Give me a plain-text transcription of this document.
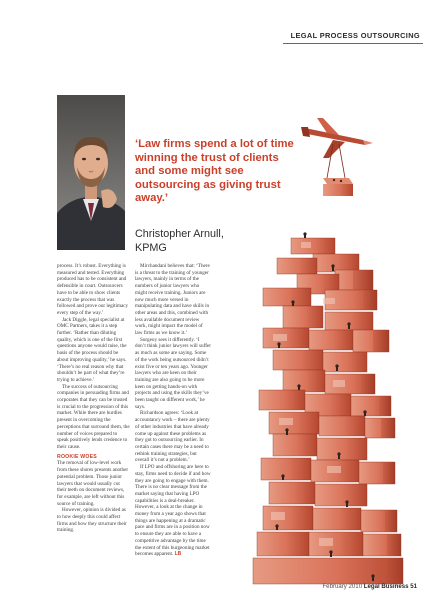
LEGAL PROCESS OUTSOURCING
‘Law firms spend a lot of time winning the trust of clients and some might see outsourcing as giving trust away.’
Christopher Arnull,
KPMG

process. It’s robust. Everything is measured and tested. Everything produced has to be consistent and defensible in court. Outsourcers have to be able to show clients exactly the process that was followed and prove our legitimacy every step of the way.’

Jack Diggle, legal specialist at OMC Partners, takes it a step further. ‘Rather than diluting quality, which is one of the first questions anyone would raise, the basis of the process should be about improving quality,’ he says. ‘There’s no real reason why that shouldn’t be part of what they’re trying to achieve.’

The success of outsourcing companies in persuading firms and corporates that they can be trusted is crucial to the progression of this market. While there are hurdles present in overcoming the perceptions that surround them, the number of voices prepared to speak positively lends credence to their cause.

ROOKIE WOES

The removal of low-level work from these shores presents another potential problem. Those junior lawyers that would usually cut their teeth on document reviews, for example, are left without this source of training.

However, opinion is divided as to how deeply this could affect firms and how they structure their training.

Mirchandani believes that: ‘There is a threat to the training of younger lawyers, mainly in terms of the numbers of junior lawyers who might receive training. Juniors are now much more versed in manipulating data and have skills in other areas and this, combined with less available document review work, might impact the model of law firms as we know it.’

Surgeoy sees it differently. ‘I don’t think junior lawyers will suffer as much as some are saying. Some of the work being outsourced didn’t exist five or ten years ago. Younger lawyers who are keen on their training are also going to be more keen on getting hands-on with projects and using the skills they’ve been taught on different work,’ he says.

Richardson agrees: ‘Look at accountancy work – there are plenty of other industries that have already come up against these problems as they got to outsourcing earlier. In certain cases there may be a need to rethink training strategies, but overall it’s not a problem.’

If LPO and offshoring are here to stay, firms need to decide if and how they are going to engage with them. There is no clear message from the market saying that having LPO capabilities is a deal-breaker. However, a look at the change in money from a year ago shows that things are happening at a dramatic pace and firms are in a position now to ensure they are able to have a competitive advantage by the time the extent of this burgeoning market becomes apparent. LB

February 2010 Legal Business 51
